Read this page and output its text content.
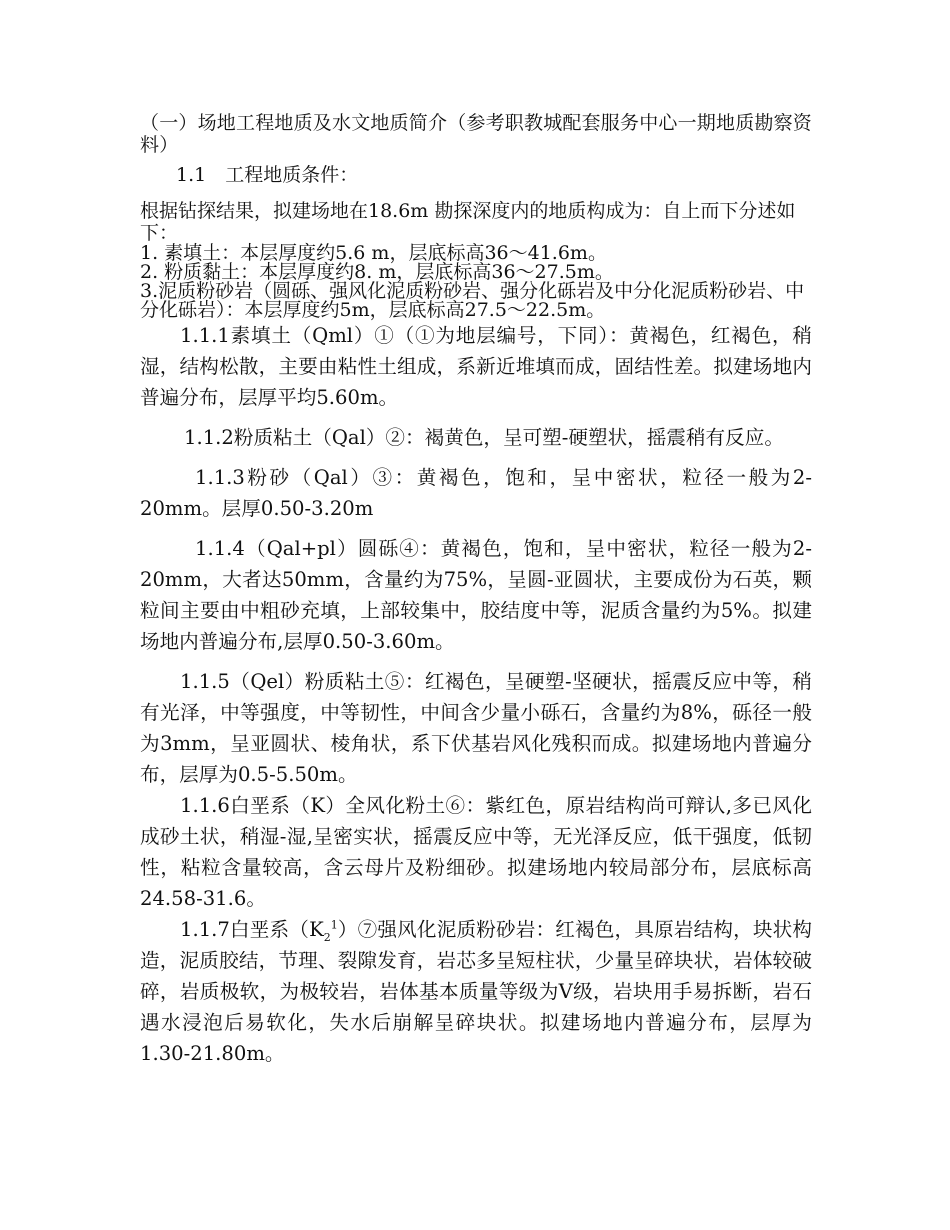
（一）场地工程地质及水文地质简介（参考职教城配套服务中心一期地质勘察资料）

1.1　工程地质条件：

根据钻探结果，拟建场地在18.6m 勘探深度内的地质构成为：自上而下分述如下：

1. 素填土：本层厚度约5.6 m，层底标高36～41.6m。
2. 粉质黏土：本层厚度约8. m，层底标高36～27.5m。
3.泥质粉砂岩（圆砾、强风化泥质粉砂岩、强分化砾岩及中分化泥质粉砂岩、中分化砾岩）：本层厚度约5m，层底标高27.5～22.5m。

1.1.1素填土（Qml）①（①为地层编号，下同）：黄褐色，红褐色，稍湿，结构松散，主要由粘性土组成，系新近堆填而成，固结性差。拟建场地内普遍分布，层厚平均5.60m。

1.1.2粉质粘土（Qal）②：褐黄色，呈可塑-硬塑状，摇震稍有反应。

1.1.3粉砂（Qal）③：黄褐色，饱和，呈中密状，粒径一般为2-20mm。层厚0.50-3.20m

1.1.4（Qal+pl）圆砾④：黄褐色，饱和，呈中密状，粒径一般为2-20mm，大者达50mm，含量约为75%，呈圆-亚圆状，主要成份为石英，颗粒间主要由中粗砂充填，上部较集中，胶结度中等，泥质含量约为5%。拟建场地内普遍分布,层厚0.50-3.60m。

1.1.5（Qel）粉质粘土⑤：红褐色，呈硬塑-坚硬状，摇震反应中等，稍有光泽，中等强度，中等韧性，中间含少量小砾石，含量约为8%，砾径一般为3mm，呈亚圆状、棱角状，系下伏基岩风化残积而成。拟建场地内普遍分布，层厚为0.5-5.50m。

1.1.6白垩系（K）全风化粉土⑥：紫红色，原岩结构尚可辩认,多已风化成砂土状，稍湿-湿,呈密实状，摇震反应中等，无光泽反应，低干强度，低韧性，粘粒含量较高，含云母片及粉细砂。拟建场地内较局部分布，层底标高24.58-31.6。

1.1.7白垩系$(K_2^1)⑦$强风化泥质粉砂岩：红褐色，具原岩结构，块状构造，泥质胶结，节理、裂隙发育，岩芯多呈短柱状，少量呈碎块状，岩体较破碎，岩质极软，为极较岩，岩体基本质量等级为Ⅴ级，岩块用手易拆断，岩石遇水浸泡后易软化，失水后崩解呈碎块状。拟建场地内普遍分布，层厚为1.30-21.80m。
